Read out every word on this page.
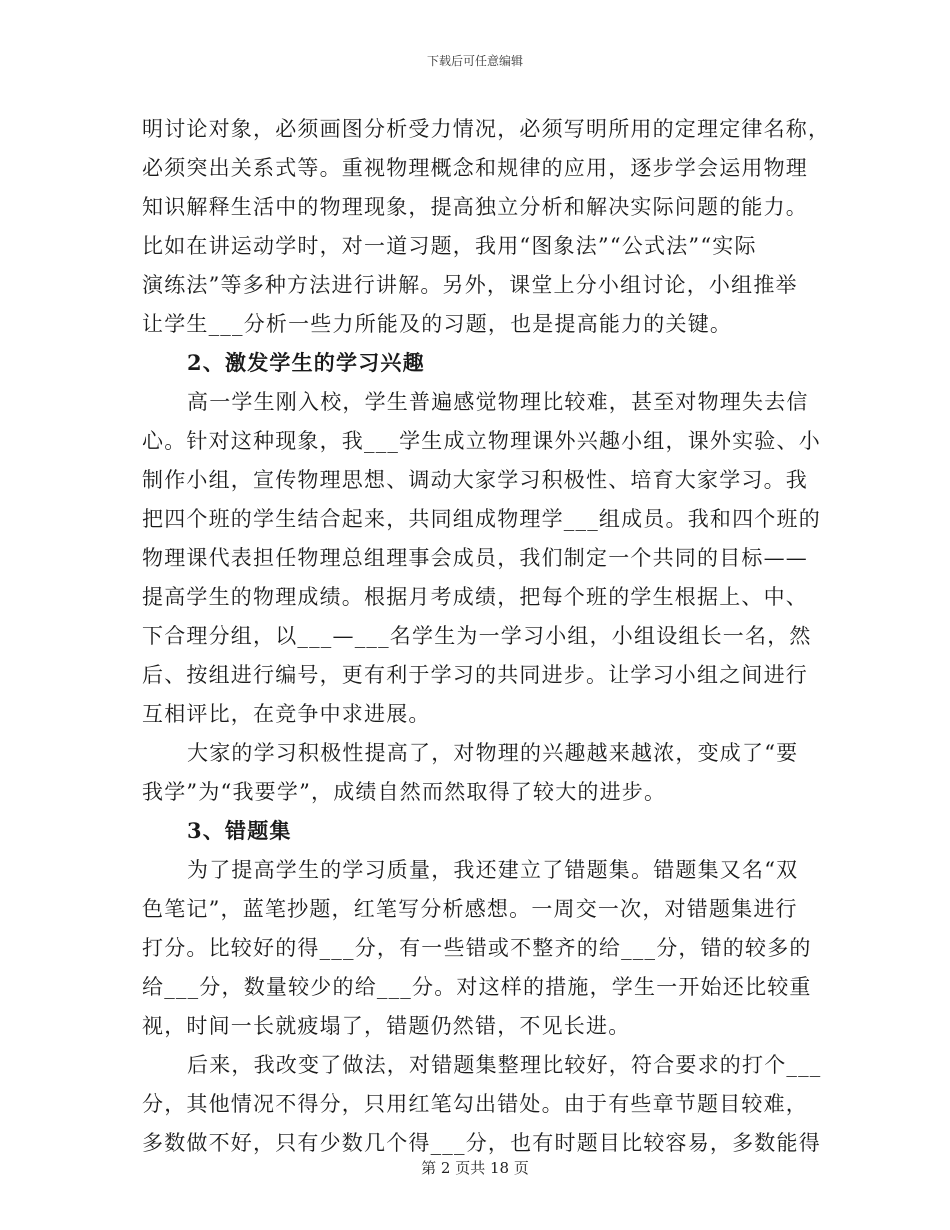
下载后可任意编辑
明讨论对象，必须画图分析受力情况，必须写明所用的定理定律名称，
必须突出关系式等。重视物理概念和规律的应用，逐步学会运用物理
知识解释生活中的物理现象，提高独立分析和解决实际问题的能力。
比如在讲运动学时，对一道习题，我用“图象法”“公式法”“实际
演练法”等多种方法进行讲解。另外，课堂上分小组讨论，小组推举
让学生___分析一些力所能及的习题，也是提高能力的关键。
2、激发学生的学习兴趣
高一学生刚入校，学生普遍感觉物理比较难，甚至对物理失去信
心。针对这种现象，我___学生成立物理课外兴趣小组，课外实验、小
制作小组，宣传物理思想、调动大家学习积极性、培育大家学习。我
把四个班的学生结合起来，共同组成物理学___组成员。我和四个班的
物理课代表担任物理总组理事会成员，我们制定一个共同的目标——
提高学生的物理成绩。根据月考成绩，把每个班的学生根据上、中、
下合理分组，以___—___名学生为一学习小组，小组设组长一名，然
后、按组进行编号，更有利于学习的共同进步。让学习小组之间进行
互相评比，在竞争中求进展。
大家的学习积极性提高了，对物理的兴趣越来越浓，变成了“要
我学”为“我要学”，成绩自然而然取得了较大的进步。
3、错题集
为了提高学生的学习质量，我还建立了错题集。错题集又名“双
色笔记”，蓝笔抄题，红笔写分析感想。一周交一次，对错题集进行
打分。比较好的得___分，有一些错或不整齐的给___分，错的较多的
给___分，数量较少的给___分。对这样的措施，学生一开始还比较重
视，时间一长就疲塌了，错题仍然错，不见长进。
后来，我改变了做法，对错题集整理比较好，符合要求的打个___
分，其他情况不得分，只用红笔勾出错处。由于有些章节题目较难，
多数做不好，只有少数几个得___分，也有时题目比较容易，多数能得
第 2 页共 18 页
